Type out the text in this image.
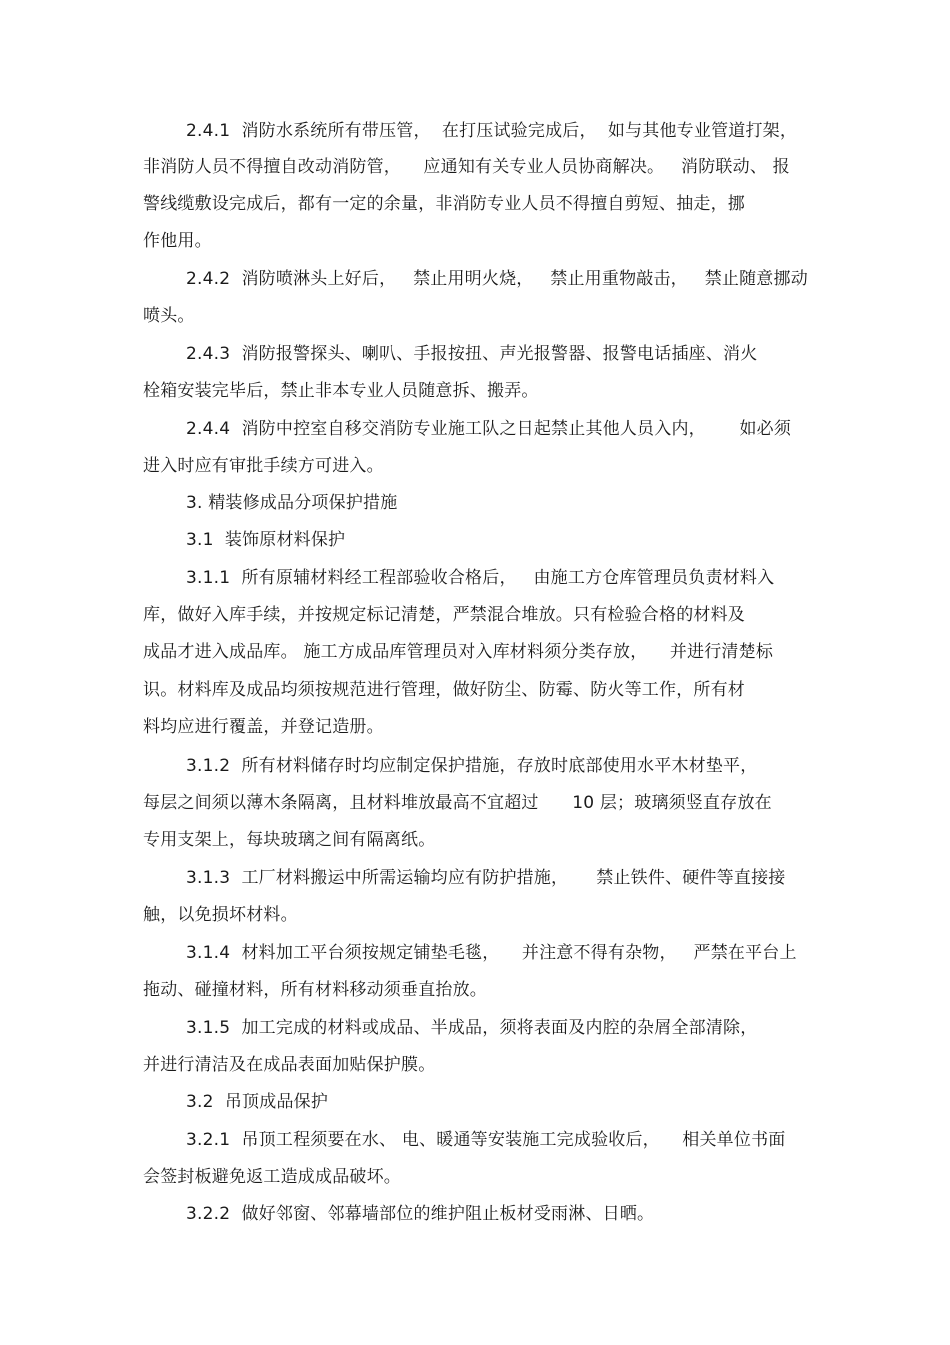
2.4.1  消防水系统所有带压管，  在打压试验完成后，  如与其他专业管道打架，
非消防人员不得擅自改动消防管，    应通知有关专业人员协商解决。   消防联动、 报
警线缆敷设完成后，都有一定的余量，非消防专业人员不得擅自剪短、抽走，挪
作他用。
2.4.2  消防喷淋头上好后，   禁止用明火烧，   禁止用重物敲击，   禁止随意挪动
喷头。
2.4.3  消防报警探头、喇叭、手报按扭、声光报警器、报警电话插座、消火
栓箱安装完毕后，禁止非本专业人员随意拆、搬弄。
2.4.4  消防中控室自移交消防专业施工队之日起禁止其他人员入内，      如必须
进入时应有审批手续方可进入。
3. 精装修成品分项保护措施
3.1  装饰原材料保护
3.1.1  所有原辅材料经工程部验收合格后，   由施工方仓库管理员负责材料入
库，做好入库手续，并按规定标记清楚，严禁混合堆放。只有检验合格的材料及
成品才进入成品库。 施工方成品库管理员对入库材料须分类存放，    并进行清楚标
识。材料库及成品均须按规范进行管理，做好防尘、防霉、防火等工作，所有材
料均应进行覆盖，并登记造册。
3.1.2  所有材料储存时均应制定保护措施，存放时底部使用水平木材垫平，
每层之间须以薄木条隔离，且材料堆放最高不宜超过      10 层；玻璃须竖直存放在
专用支架上，每块玻璃之间有隔离纸。
3.1.3  工厂材料搬运中所需运输均应有防护措施，     禁止铁件、硬件等直接接
触，以免损坏材料。
3.1.4  材料加工平台须按规定铺垫毛毯，    并注意不得有杂物，   严禁在平台上
拖动、碰撞材料，所有材料移动须垂直抬放。
3.1.5  加工完成的材料或成品、半成品，须将表面及内腔的杂屑全部清除，
并进行清洁及在成品表面加贴保护膜。
3.2  吊顶成品保护
3.2.1  吊顶工程须要在水、 电、暖通等安装施工完成验收后，    相关单位书面
会签封板避免返工造成成品破坏。
3.2.2  做好邻窗、邻幕墙部位的维护阻止板材受雨淋、日晒。
